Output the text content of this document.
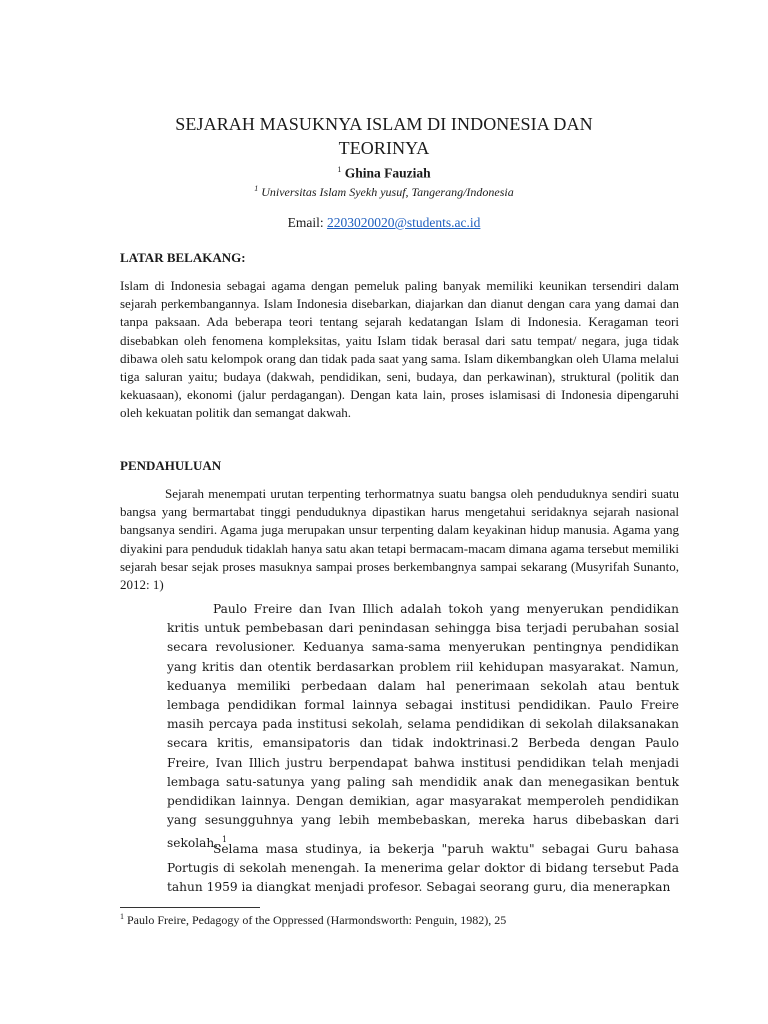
SEJARAH MASUKNYA ISLAM DI INDONESIA DAN
TEORINYA
$^1$ Ghina Fauziah
$^1$ Universitas Islam Syekh yusuf, Tangerang/Indonesia
Email: 2203020020@students.ac.id
LATAR BELAKANG:

Islam di Indonesia sebagai agama dengan pemeluk paling banyak memiliki keunikan tersendiri dalam sejarah perkembangannya. Islam Indonesia disebarkan, diajarkan dan dianut dengan cara yang damai dan tanpa paksaan. Ada beberapa teori tentang sejarah kedatangan Islam di Indonesia. Keragaman teori disebabkan oleh fenomena kompleksitas, yaitu Islam tidak berasal dari satu tempat/ negara, juga tidak dibawa oleh satu kelompok orang dan tidak pada saat yang sama. Islam dikembangkan oleh Ulama melalui tiga saluran yaitu; budaya (dakwah, pendidikan, seni, budaya, dan perkawinan), struktural (politik dan kekuasaan), ekonomi (jalur perdagangan). Dengan kata lain, proses islamisasi di Indonesia dipengaruhi oleh kekuatan politik dan semangat dakwah.

PENDAHULUAN

Sejarah menempati urutan terpenting terhormatnya suatu bangsa oleh penduduknya sendiri suatu bangsa yang bermartabat tinggi penduduknya dipastikan harus mengetahui seridaknya sejarah nasional bangsanya sendiri. Agama juga merupakan unsur terpenting dalam keyakinan hidup manusia. Agama yang diyakini para penduduk tidaklah hanya satu akan tetapi bermacam-macam dimana agama tersebut memiliki sejarah besar sejak proses masuknya sampai proses berkembangnya sampai sekarang (Musyrifah Sunanto, 2012: 1)

Paulo Freire dan Ivan Illich adalah tokoh yang menyerukan pendidikan kritis untuk pembebasan dari penindasan sehingga bisa terjadi perubahan sosial secara revolusioner. Keduanya sama-sama menyerukan pentingnya pendidikan yang kritis dan otentik berdasarkan problem riil kehidupan masyarakat. Namun, keduanya memiliki perbedaan dalam hal penerimaan sekolah atau bentuk lembaga pendidikan formal lainnya sebagai institusi pendidikan. Paulo Freire masih percaya pada institusi sekolah, selama pendidikan di sekolah dilaksanakan secara kritis, emansipatoris dan tidak indoktrinasi.2 Berbeda dengan Paulo Freire, Ivan Illich justru berpendapat bahwa institusi pendidikan telah menjadi lembaga satu-satunya yang paling sah mendidik anak dan menegasikan bentuk pendidikan lainnya. Dengan demikian, agar masyarakat memperoleh pendidikan yang sesungguhnya yang lebih membebaskan, mereka harus dibebaskan dari sekolah..$^1$

Selama masa studinya, ia bekerja "paruh waktu" sebagai Guru bahasa Portugis di sekolah menengah. Ia menerima gelar doktor di bidang tersebut Pada tahun 1959 ia diangkat menjadi profesor. Sebagai seorang guru, dia menerapkan

$^1$ Paulo Freire, Pedagogy of the Oppressed (Harmondsworth: Penguin, 1982), 25
